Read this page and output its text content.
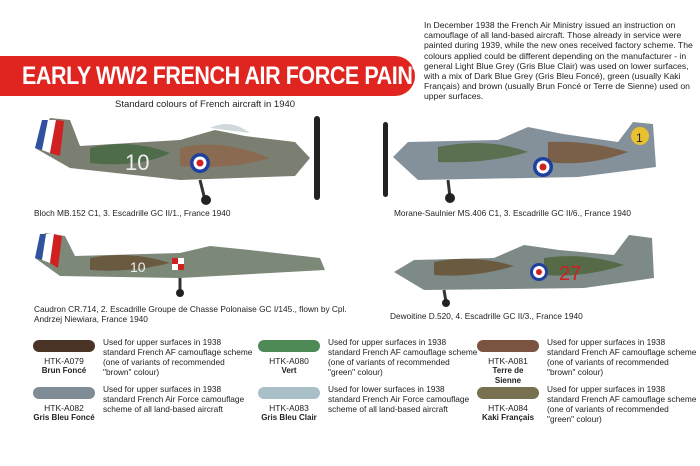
EARLY WW2 FRENCH AIR FORCE PAINT SET
In December 1938 the French Air Ministry issued an instruction on camouflage of all land-based aircraft. Those already in service were painted during 1939, while the new ones received factory scheme. The colours applied could be different depending on the manufacturer - in general Light Blue Grey (Gris Blue Clair) was used on lower surfaces, with a mix of Dark Blue Grey (Gris Bleu Foncé), green (usually Kaki Français) and brown (usually Brun Foncé or Terre de Sienne) used on upper surfaces.
Standard colours of French aircraft in 1940
10
Bloch MB.152 C1, 3. Escadrille GC II/1., France 1940
1
Morane-Saulnier MS.406 C1, 3. Escadrille GC II/6., France 1940
10
Caudron CR.714, 2. Escadrille Groupe de Chasse Polonaise GC I/145., flown by Cpl. Andrzej Niewiara, France 1940
27
Dewoitine D.520, 4. Escadrille GC II/3., France 1940
HTK-A079
Brun Foncé
Used for upper surfaces in 1938 standard French AF camouflage scheme (one of variants of recommended "brown" colour)
HTK-A080
Vert
Used for upper surfaces in 1938 standard French AF camouflage scheme (one of variants of recommended "green" colour)
HTK-A081
Terre de Sienne
Used for upper surfaces in 1938 standard French AF camouflage scheme (one of variants of recommended "brown" colour)
HTK-A082
Gris Bleu Foncé
Used for upper surfaces in 1938 standard French Air Force camouflage scheme of all land-based aircraft	HTK-A083
Gris Bleu Clair
Used for lower surfaces in 1938 standard French Air Force camouflage scheme of all land-based aircraft	HTK-A084
Kaki Français
Used for upper surfaces in 1938 standard French AF camouflage scheme (one of variants of recommended "green" colour)
